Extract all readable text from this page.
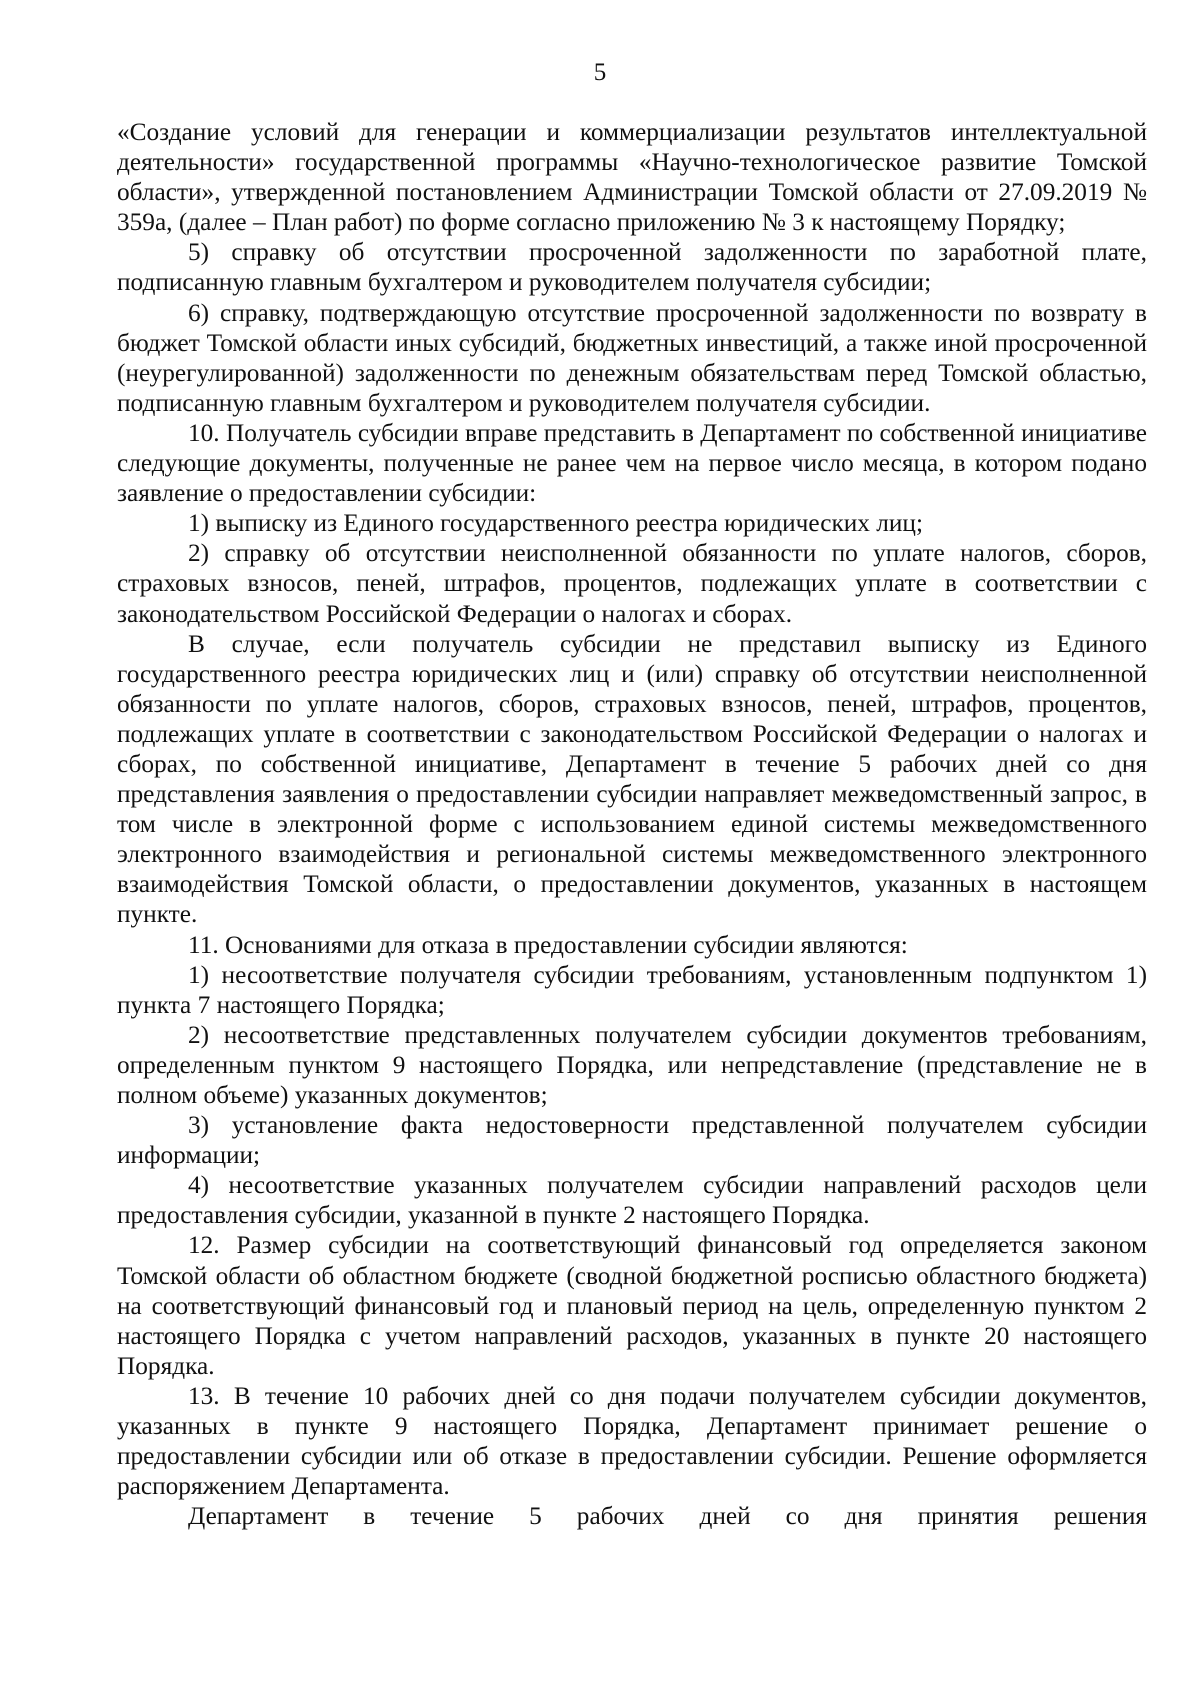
5

«Создание условий для генерации и коммерциализации результатов интеллектуальной деятельности» государственной программы «Научно-технологическое развитие Томской области», утвержденной постановлением Администрации Томской области от 27.09.2019 № 359а, (далее – План работ) по форме согласно приложению № 3 к настоящему Порядку;

5) справку об отсутствии просроченной задолженности по заработной плате, подписанную главным бухгалтером и руководителем получателя субсидии;

6) справку, подтверждающую отсутствие просроченной задолженности по возврату в бюджет Томской области иных субсидий, бюджетных инвестиций, а также иной просроченной (неурегулированной) задолженности по денежным обязательствам перед Томской областью, подписанную главным бухгалтером и руководителем получателя субсидии.

10. Получатель субсидии вправе представить в Департамент по собственной инициативе следующие документы, полученные не ранее чем на первое число месяца, в котором подано заявление о предоставлении субсидии:

1) выписку из Единого государственного реестра юридических лиц;

2) справку об отсутствии неисполненной обязанности по уплате налогов, сборов, страховых взносов, пеней, штрафов, процентов, подлежащих уплате в соответствии с законодательством Российской Федерации о налогах и сборах.

В случае, если получатель субсидии не представил выписку из Единого государственного реестра юридических лиц и (или) справку об отсутствии неисполненной обязанности по уплате налогов, сборов, страховых взносов, пеней, штрафов, процентов, подлежащих уплате в соответствии с законодательством Российской Федерации о налогах и сборах, по собственной инициативе, Департамент в течение 5 рабочих дней со дня представления заявления о предоставлении субсидии направляет межведомственный запрос, в том числе в электронной форме с использованием единой системы межведомственного электронного взаимодействия и региональной системы межведомственного электронного взаимодействия Томской области, о предоставлении документов, указанных в настоящем пункте.

11. Основаниями для отказа в предоставлении субсидии являются:

1) несоответствие получателя субсидии требованиям, установленным подпунктом 1) пункта 7 настоящего Порядка;

2) несоответствие представленных получателем субсидии документов требованиям, определенным пунктом 9 настоящего Порядка, или непредставление (представление не в полном объеме) указанных документов;

3) установление факта недостоверности представленной получателем субсидии информации;

4) несоответствие указанных получателем субсидии направлений расходов цели предоставления субсидии, указанной в пункте 2 настоящего Порядка.

12. Размер субсидии на соответствующий финансовый год определяется законом Томской области об областном бюджете (сводной бюджетной росписью областного бюджета) на соответствующий финансовый год и плановый период на цель, определенную пунктом 2 настоящего Порядка с учетом направлений расходов, указанных в пункте 20 настоящего Порядка.

13. В течение 10 рабочих дней со дня подачи получателем субсидии документов, указанных в пункте 9 настоящего Порядка, Департамент принимает решение о предоставлении субсидии или об отказе в предоставлении субсидии. Решение оформляется распоряжением Департамента.

Департамент в течение 5 рабочих дней со дня принятия решения
